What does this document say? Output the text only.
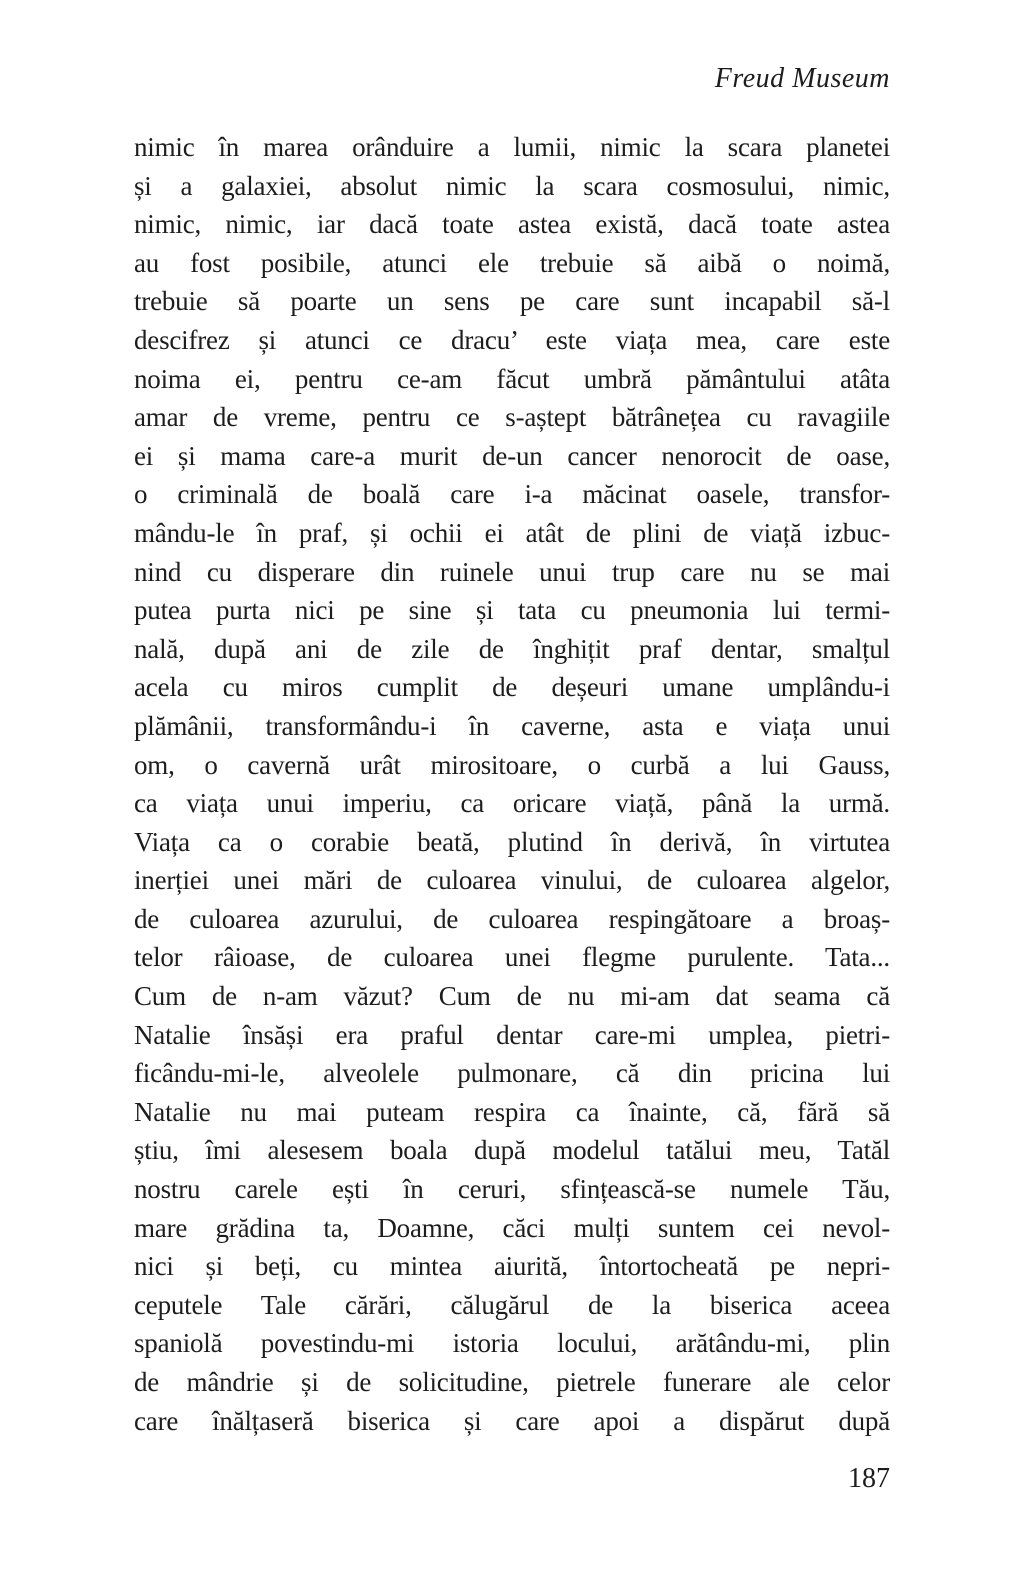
Freud Museum
nimic în marea orânduire a lumii, nimic la scara planetei
și a galaxiei, absolut nimic la scara cosmosului, nimic,
nimic, nimic, iar dacă toate astea există, dacă toate astea
au fost posibile, atunci ele trebuie să aibă o noimă,
trebuie să poarte un sens pe care sunt incapabil să-l
descifrez și atunci ce dracu’ este viața mea, care este
noima ei, pentru ce-am făcut umbră pământului atâta
amar de vreme, pentru ce s-aștept bătrânețea cu ravagiile
ei și mama care-a murit de-un cancer nenorocit de oase,
o criminală de boală care i-a măcinat oasele, transfor-
mându-le în praf, și ochii ei atât de plini de viață izbuc-
nind cu disperare din ruinele unui trup care nu se mai
putea purta nici pe sine și tata cu pneumonia lui termi-
nală, după ani de zile de înghițit praf dentar, smalțul
acela cu miros cumplit de deșeuri umane umplându-i
plămânii, transformându-i în caverne, asta e viața unui
om, o cavernă urât mirositoare, o curbă a lui Gauss,
ca viața unui imperiu, ca oricare viață, până la urmă.
Viața ca o corabie beată, plutind în derivă, în virtutea
inerției unei mări de culoarea vinului, de culoarea algelor,
de culoarea azurului, de culoarea respingătoare a broaș-
telor râioase, de culoarea unei flegme purulente. Tata...
Cum de n-am văzut? Cum de nu mi-am dat seama că
Natalie însăși era praful dentar care-mi umplea, pietri-
ficându-mi-le, alveolele pulmonare, că din pricina lui
Natalie nu mai puteam respira ca înainte, că, fără să
știu, îmi alesesem boala după modelul tatălui meu, Tatăl
nostru carele ești în ceruri, sfințească-se numele Tău,
mare grădina ta, Doamne, căci mulți suntem cei nevol-
nici și beți, cu mintea aiurită, întortocheată pe nepri-
ceputele Tale cărări, călugărul de la biserica aceea
spaniolă povestindu-mi istoria locului, arătându-mi, plin
de mândrie și de solicitudine, pietrele funerare ale celor
care înălțaseră biserica și care apoi a dispărut după
187
